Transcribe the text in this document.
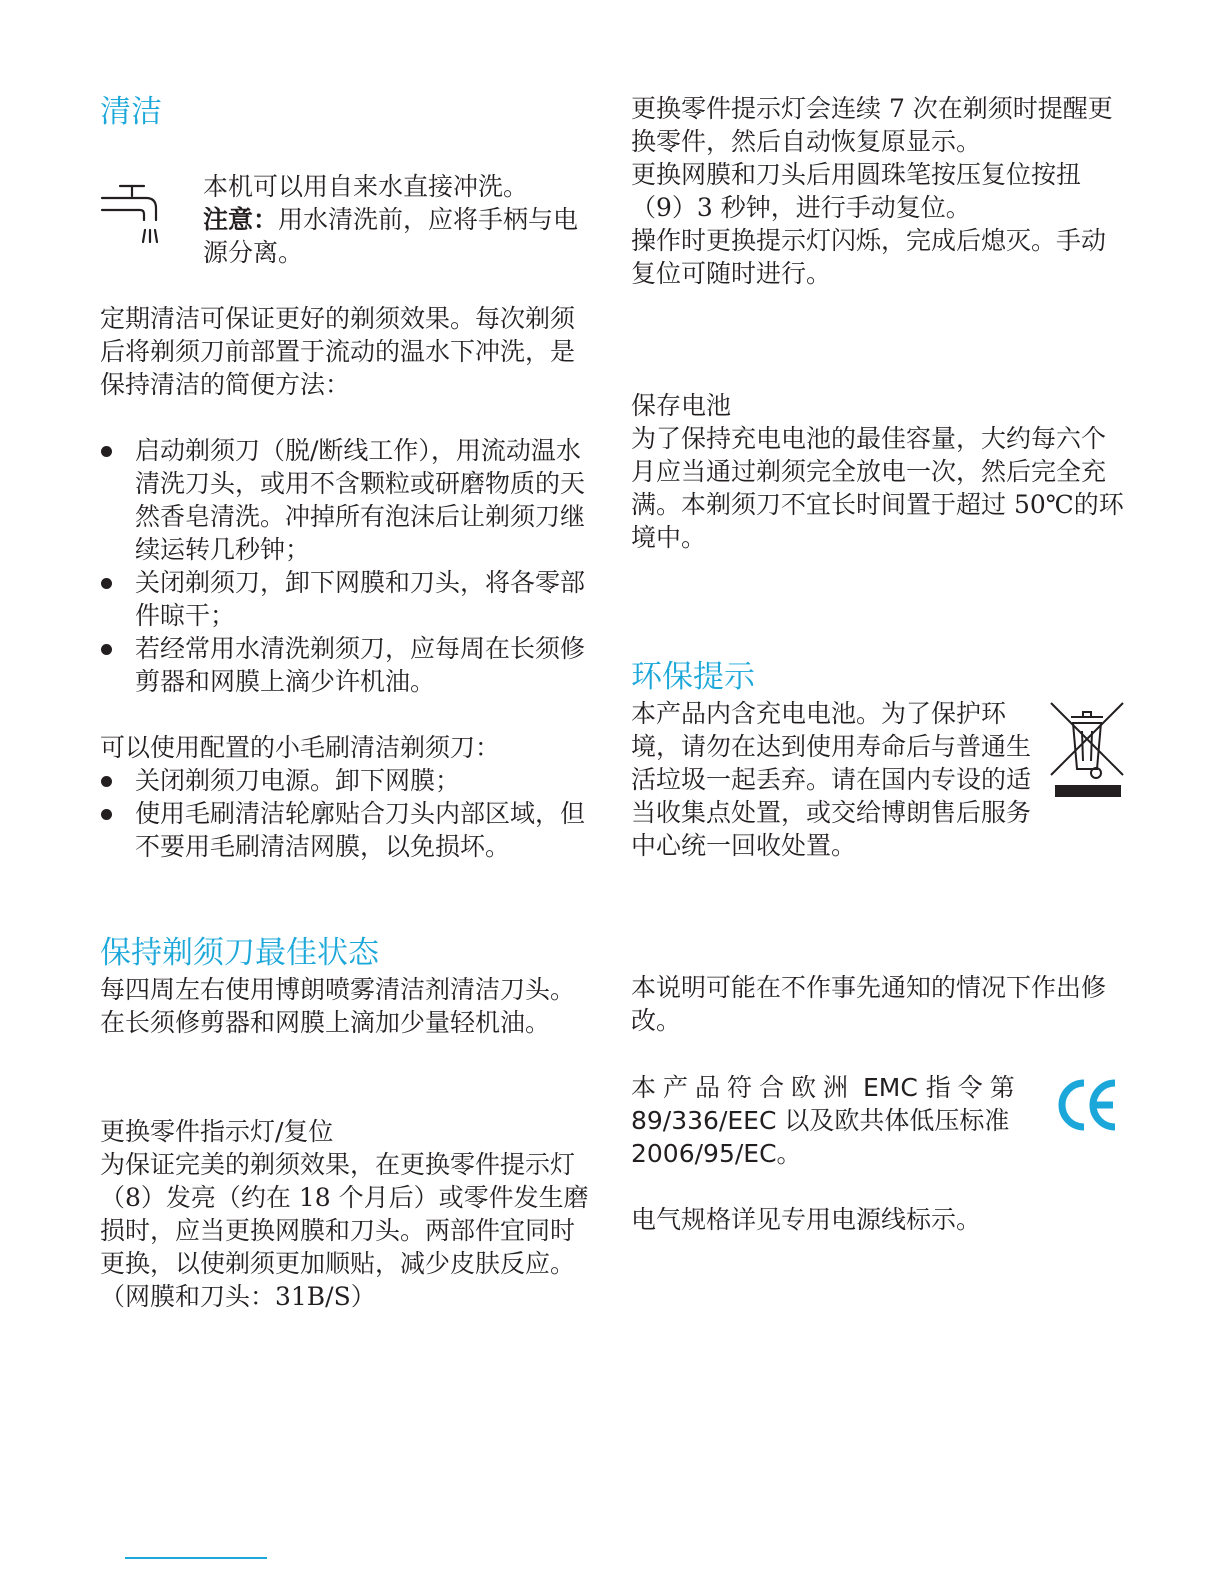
清洁

本机可以用自来水直接冲洗。

注意：用水清洗前，应将手柄与电源分离。

定期清洁可保证更好的剃须效果。每次剃须后将剃须刀前部置于流动的温水下冲洗，是保持清洁的简便方法：

启动剃须刀（脱/断线工作），用流动温水清洗刀头，或用不含颗粒或研磨物质的天然香皂清洗。冲掉所有泡沫后让剃须刀继续运转几秒钟；
关闭剃须刀，卸下网膜和刀头，将各零部件晾干；
若经常用水清洗剃须刀，应每周在长须修剪器和网膜上滴少许机油。

可以使用配置的小毛刷清洁剃须刀：

关闭剃须刀电源。卸下网膜；
使用毛刷清洁轮廓贴合刀头内部区域，但不要用毛刷清洁网膜，以免损坏。
保持剃须刀最佳状态

每四周左右使用博朗喷雾清洁剂清洁刀头。在长须修剪器和网膜上滴加少量轻机油。

更换零件指示灯/复位

为保证完美的剃须效果，在更换零件提示灯（8）发亮（约在 18 个月后）或零件发生磨损时，应当更换网膜和刀头。两部件宜同时更换，以使剃须更加顺贴，减少皮肤反应。

（网膜和刀头：31B/S）

更换零件提示灯会连续 7 次在剃须时提醒更换零件，然后自动恢复原显示。

更换网膜和刀头后用圆珠笔按压复位按扭（9）3 秒钟，进行手动复位。

操作时更换提示灯闪烁，完成后熄灭。手动复位可随时进行。

保存电池

为了保持充电电池的最佳容量，大约每六个月应当通过剃须完全放电一次，然后完全充满。本剃须刀不宜长时间置于超过 50℃的环境中。

环保提示

本产品内含充电电池。为了保护环境，请勿在达到使用寿命后与普通生活垃圾一起丢弃。请在国内专设的适当收集点处置，或交给博朗售后服务中心统一回收处置。

本说明可能在不作事先通知的情况下作出修改。

本产品符合欧洲 EMC 指令第
89/336/EEC 以及欧共体低压标准
2006/95/EC。

电气规格详见专用电源线标示。
